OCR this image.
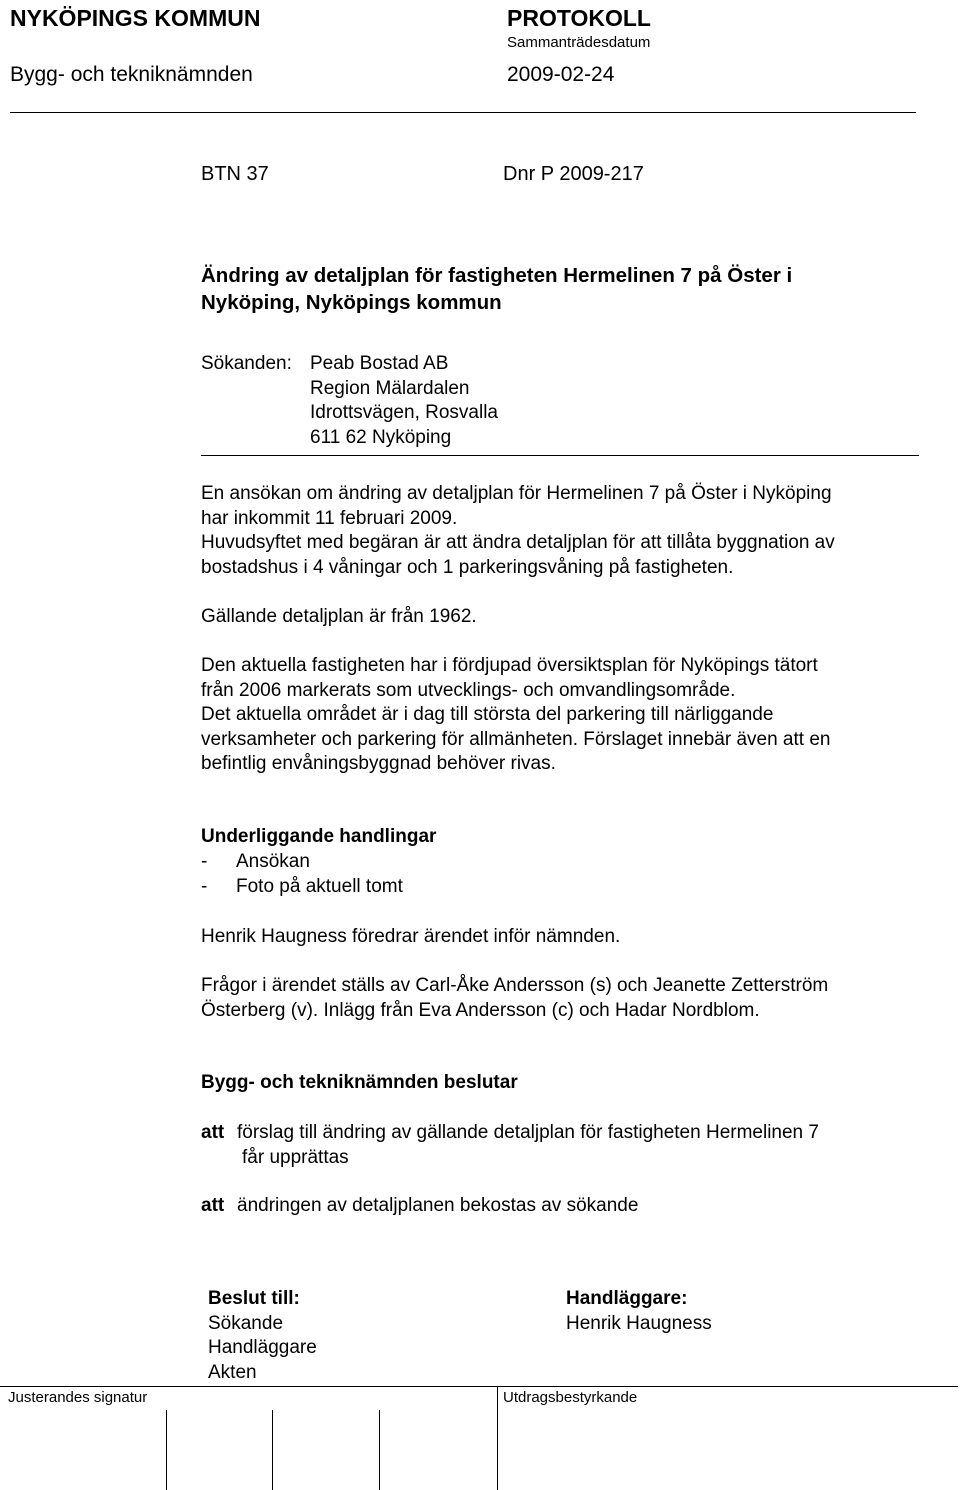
NYKÖPINGS KOMMUN	PROTOKOLL
Sammanträdesdatum
Bygg- och tekniknämnden	2009-02-24
BTN 37	Dnr P 2009-217
Ändring av detaljplan för fastigheten Hermelinen 7 på Öster i
Nyköping, Nyköpings kommun
Sökanden: Peab Bostad AB
Region Mälardalen
Idrottsvägen, Rosvalla
611 62 Nyköping
En ansökan om ändring av detaljplan för Hermelinen 7 på Öster i Nyköping
har inkommit 11 februari 2009.
Huvudsyftet med begäran är att ändra detaljplan för att tillåta byggnation av
bostadshus i 4 våningar och 1 parkeringsvåning på fastigheten.
Gällande detaljplan är från 1962.
Den aktuella fastigheten har i fördjupad översiktsplan för Nyköpings tätort
från 2006 markerats som utvecklings- och omvandlingsområde.
Det aktuella området är i dag till största del parkering till närliggande
verksamheter och parkering för allmänheten. Förslaget innebär även att en
befintlig envåningsbyggnad behöver rivas.
Underliggande handlingar
- Ansökan
- Foto på aktuell tomt
Henrik Haugness föredrar ärendet inför nämnden.
Frågor i ärendet ställs av Carl-Åke Andersson (s) och Jeanette Zetterström
Österberg (v). Inlägg från Eva Andersson (c) och Hadar Nordblom.
Bygg- och tekniknämnden beslutar
att förslag till ändring av gällande detaljplan för fastigheten Hermelinen 7
får upprättas
att ändringen av detaljplanen bekostas av sökande
Beslut till:
Sökande
Handläggare
Akten
Handläggare:
Henrik Haugness
Justerandes signatur	Utdragsbestyrkande
